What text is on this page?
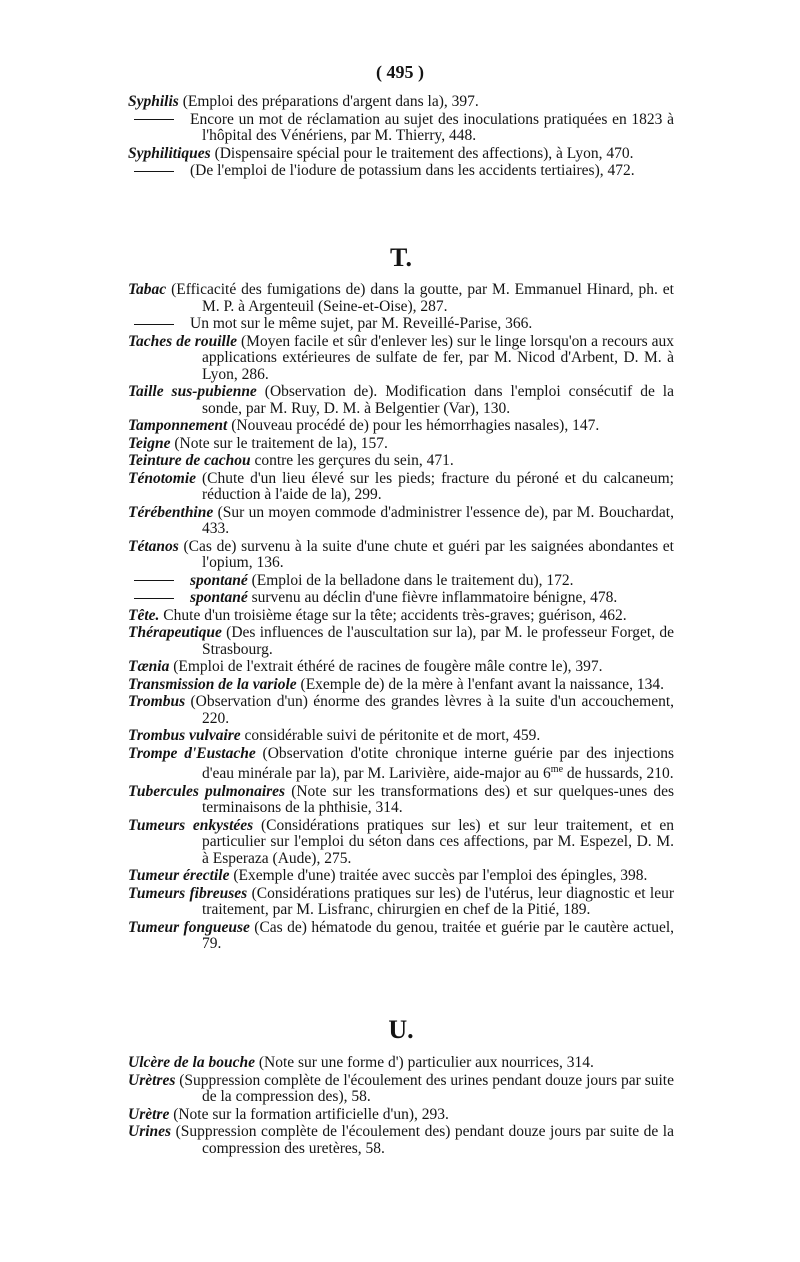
( 495 )

Syphilis (Emploi des préparations d'argent dans la), 397.

Encore un mot de réclamation au sujet des inoculations pratiquées en 1823 à l'hôpital des Vénériens, par M. Thierry, 448.

Syphilitiques (Dispensaire spécial pour le traitement des affections), à Lyon, 470.

(De l'emploi de l'iodure de potassium dans les accidents tertiaires), 472.

T.

Tabac (Efficacité des fumigations de) dans la goutte, par M. Emmanuel Hinard, ph. et M. P. à Argenteuil (Seine-et-Oise), 287.

Un mot sur le même sujet, par M. Reveillé-Parise, 366.

Taches de rouille (Moyen facile et sûr d'enlever les) sur le linge lorsqu'on a recours aux applications extérieures de sulfate de fer, par M. Nicod d'Arbent, D. M. à Lyon, 286.

Taille sus-pubienne (Observation de). Modification dans l'emploi consécutif de la sonde, par M. Ruy, D. M. à Belgentier (Var), 130.

Tamponnement (Nouveau procédé de) pour les hémorrhagies nasales), 147.

Teigne (Note sur le traitement de la), 157.

Teinture de cachou contre les gerçures du sein, 471.

Ténotomie (Chute d'un lieu élevé sur les pieds; fracture du péroné et du calcaneum; réduction à l'aide de la), 299.

Térébenthine (Sur un moyen commode d'administrer l'essence de), par M. Bouchardat, 433.

Tétanos (Cas de) survenu à la suite d'une chute et guéri par les saignées abondantes et l'opium, 136.

spontané (Emploi de la belladone dans le traitement du), 172.

spontané survenu au déclin d'une fièvre inflammatoire bénigne, 478.

Tête. Chute d'un troisième étage sur la tête; accidents très-graves; guérison, 462.

Thérapeutique (Des influences de l'auscultation sur la), par M. le professeur Forget, de Strasbourg.

Tænia (Emploi de l'extrait éthéré de racines de fougère mâle contre le), 397.

Transmission de la variole (Exemple de) de la mère à l'enfant avant la naissance, 134.

Trombus (Observation d'un) énorme des grandes lèvres à la suite d'un accouchement, 220.

Trombus vulvaire considérable suivi de péritonite et de mort, 459.

Trompe d'Eustache (Observation d'otite chronique interne guérie par des injections d'eau minérale par la), par M. Larivière, aide-major au $6^{me}$ de hussards, 210.

Tubercules pulmonaires (Note sur les transformations des) et sur quelques-unes des terminaisons de la phthisie, 314.

Tumeurs enkystées (Considérations pratiques sur les) et sur leur traitement, et en particulier sur l'emploi du séton dans ces affections, par M. Espezel, D. M. à Esperaza (Aude), 275.

Tumeur érectile (Exemple d'une) traitée avec succès par l'emploi des épingles, 398.

Tumeurs fibreuses (Considérations pratiques sur les) de l'utérus, leur diagnostic et leur traitement, par M. Lisfranc, chirurgien en chef de la Pitié, 189.

Tumeur fongueuse (Cas de) hématode du genou, traitée et guérie par le cautère actuel, 79.

U.

Ulcère de la bouche (Note sur une forme d') particulier aux nourrices, 314.

Urètres (Suppression complète de l'écoulement des urines pendant douze jours par suite de la compression des), 58.

Urètre (Note sur la formation artificielle d'un), 293.

Urines (Suppression complète de l'écoulement des) pendant douze jours par suite de la compression des uretères, 58.
